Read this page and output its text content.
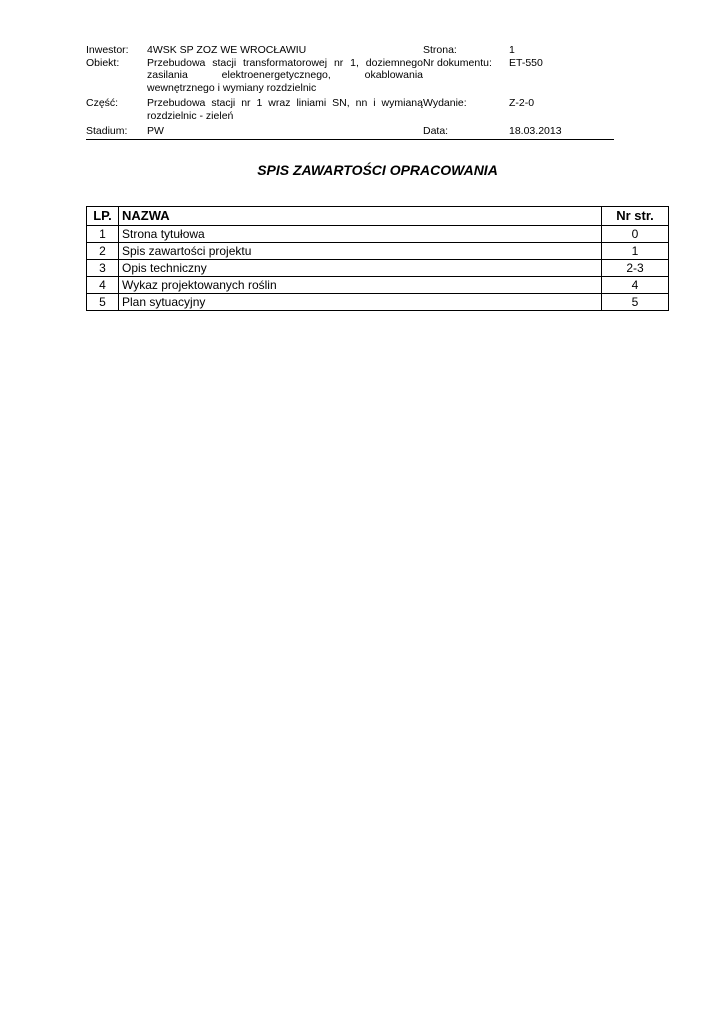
Inwestor:	4WSK SP ZOZ WE WROCŁAWIU	Strona:	1
Obiekt:	Przebudowa stacji transformatorowej nr 1, doziemnego zasilania elektroenergetycznego, okablowania wewnętrznego i wymiany rozdzielnic
Nr dokumentu:	ET-550
Część:	Przebudowa stacji nr 1 wraz liniami SN, nn i wymianą rozdzielnic - zieleń
Wydanie:	Z-2-0
Stadium:	PW	Data:	18.03.2013
SPIS ZAWARTOŚCI OPRACOWANIA
LP.	NAZWA	Nr str.
1	Strona tytułowa	0
2	Spis zawartości projektu	1
3	Opis techniczny	2-3
4	Wykaz projektowanych roślin	4
5	Plan sytuacyjny	5
